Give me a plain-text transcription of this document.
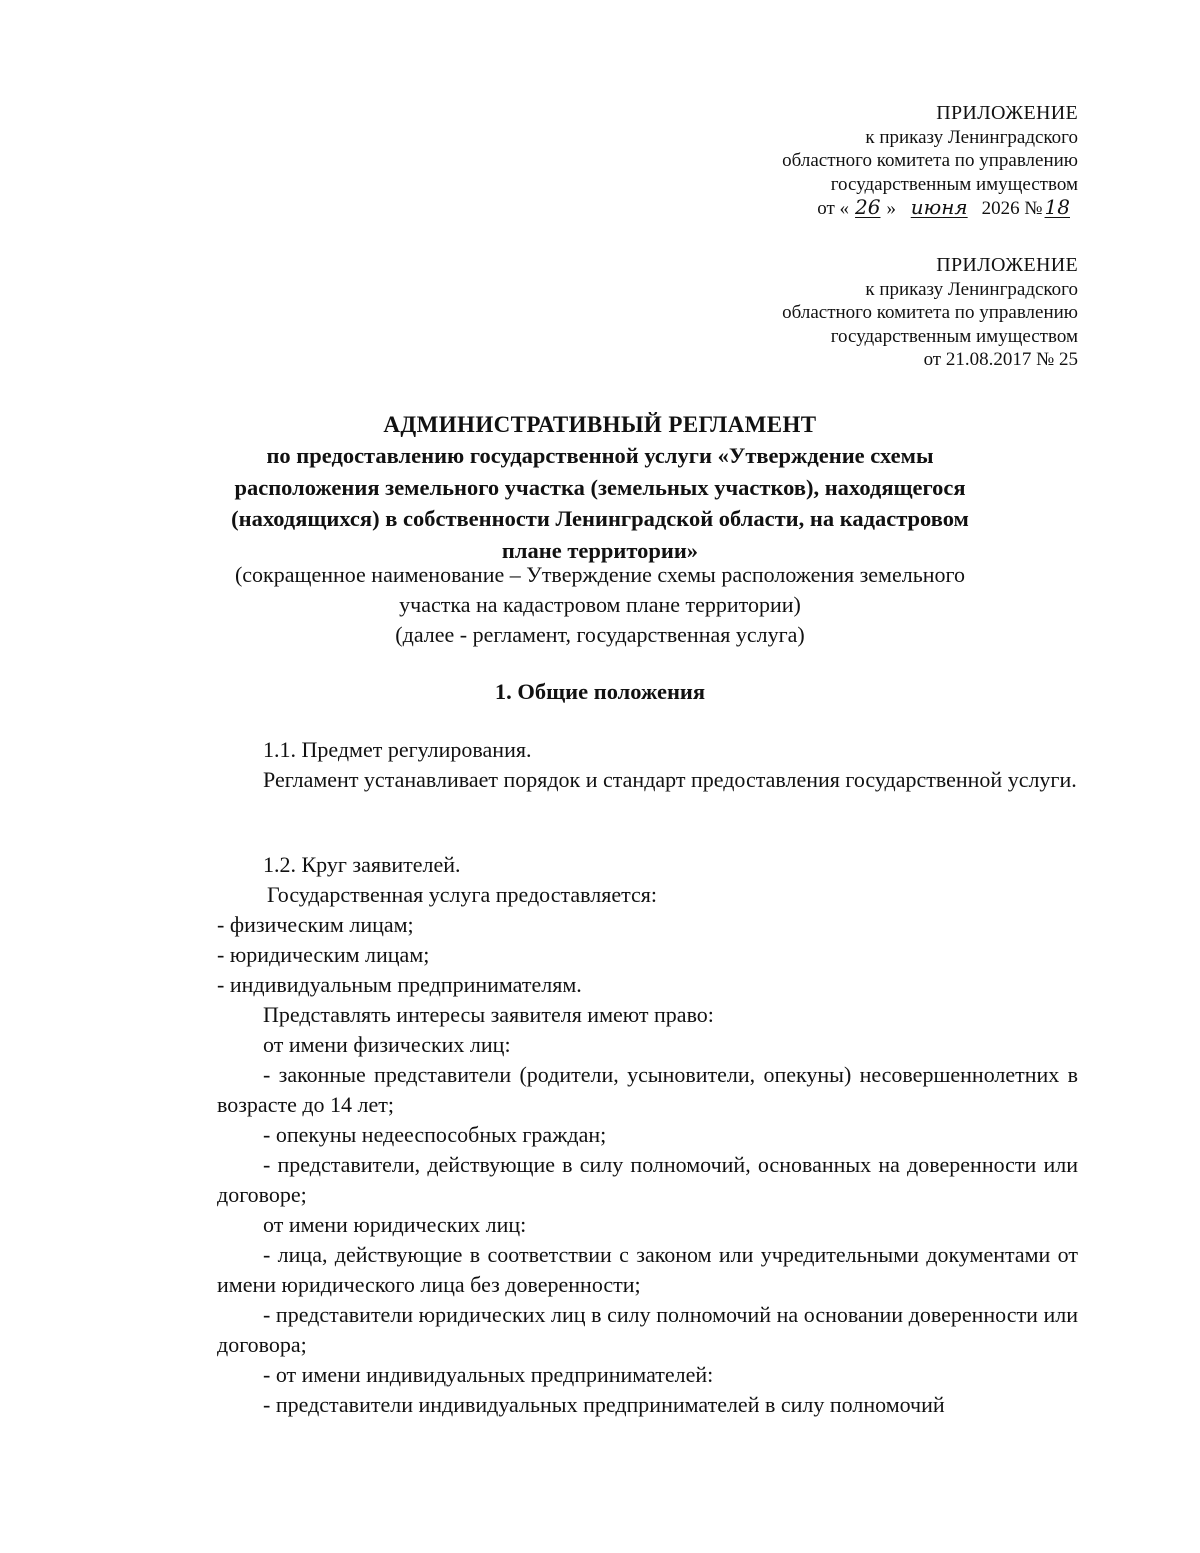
ПРИЛОЖЕНИЕ
к приказу Ленинградского
областного комитета по управлению
государственным имуществом
от « 26 » июня 2026 № 18
ПРИЛОЖЕНИЕ
к приказу Ленинградского
областного комитета по управлению
государственным имуществом
от 21.08.2017 № 25
АДМИНИСТРАТИВНЫЙ РЕГЛАМЕНТ
по предоставлению государственной услуги «Утверждение схемы
расположения земельного участка (земельных участков), находящегося
(находящихся) в собственности Ленинградской области, на кадастровом
плане территории»
(сокращенное наименование – Утверждение схемы расположения земельного
участка на кадастровом плане территории)
(далее - регламент, государственная услуга)
1. Общие положения

1.1. Предмет регулирования.

Регламент устанавливает порядок и стандарт предоставления государственной услуги.

1.2. Круг заявителей.

Государственная услуга предоставляется:

- физическим лицам;

- юридическим лицам;

- индивидуальным предпринимателям.

Представлять интересы заявителя имеют право:

от имени физических лиц:

- законные представители (родители, усыновители, опекуны) несовершеннолетних в возрасте до 14 лет;

- опекуны недееспособных граждан;

- представители, действующие в силу полномочий, основанных на доверенности или договоре;

от имени юридических лиц:

- лица, действующие в соответствии с законом или учредительными документами от имени юридического лица без доверенности;

- представители юридических лиц в силу полномочий на основании доверенности или договора;

- от имени индивидуальных предпринимателей:

- представители индивидуальных предпринимателей в силу полномочий
